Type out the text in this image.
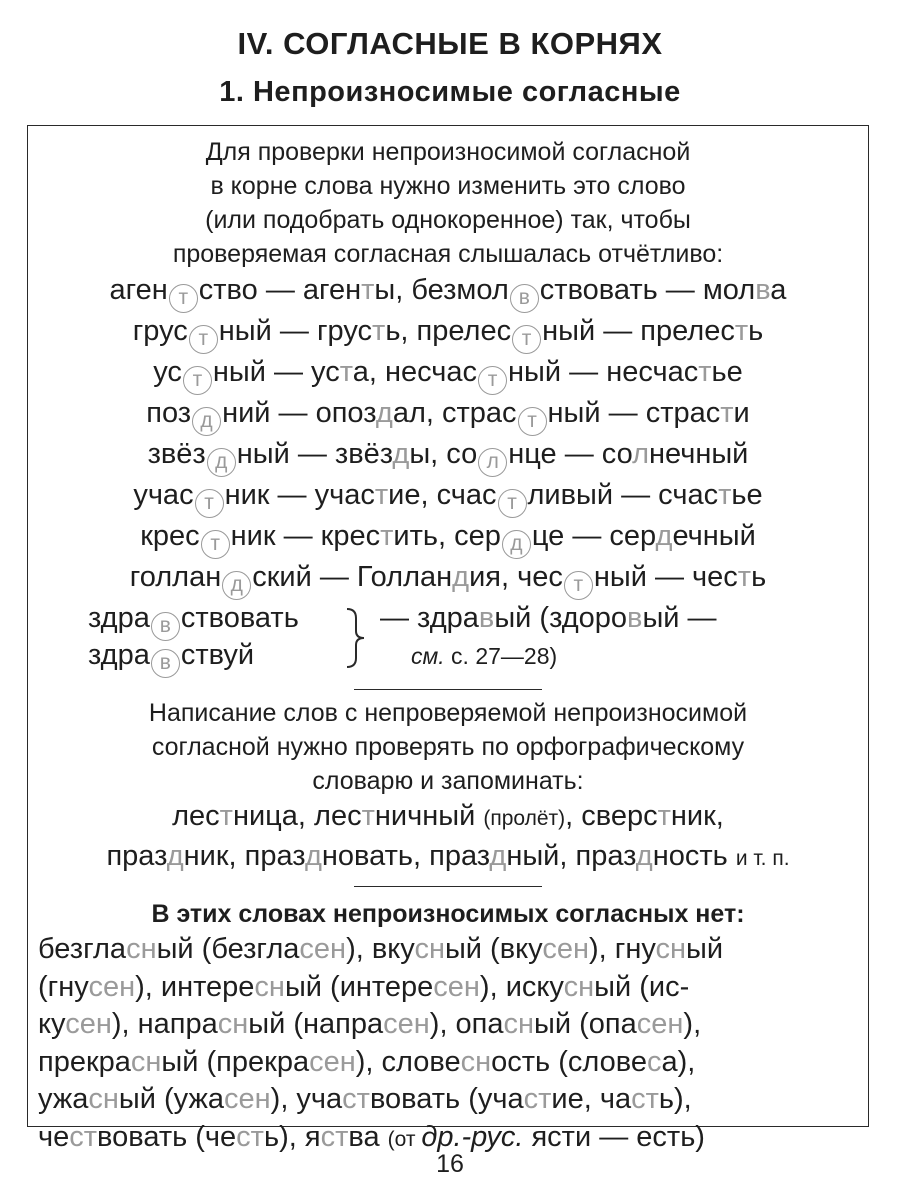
IV. СОГЛАСНЫЕ В КОРНЯХ
1. Непроизносимые согласные
Для проверки непроизносимой согласной
в корне слова нужно изменить это слово
(или подобрать однокоренное) так, чтобы
проверяемая согласная слышалась отчётливо:
аген т ство — агенты, безмол в ствовать — молва
грус т ный — грусть, прелес т ный — прелесть
ус т ный — уста, несчас т ный — несчастье
поз д ний — опоздал, страс т ный — страсти
звёз д ный — звёзды, со л нце — солнечный
учас т ник — участие, счас т ливый — счастье
крес т ник — крестить, сер д це — сердечный
голлан д ский — Голландия, чес т ный — честь
здра в ствовать
здра в ствуй
— здравый (здоровый —
см. с. 27—28)
Написание слов с непроверяемой непроизносимой
согласной нужно проверять по орфографическому
словарю и запоминать:
лестница, лестничный (пролёт), сверстник,
праздник, праздновать, праздный, праздность и т. п.
В этих словах непроизносимых согласных нет:
безгласный (безгласен), вкусный (вкусен), гнусный
(гнусен), интересный (интересен), искусный (ис-
кусен), напрасный (напрасен), опасный (опасен),
прекрасный (прекрасен), словесность (словеса),
ужасный (ужасен), участвовать (участие, часть),
чествовать (честь), яства (от др.-рус. ясти — есть)
16
